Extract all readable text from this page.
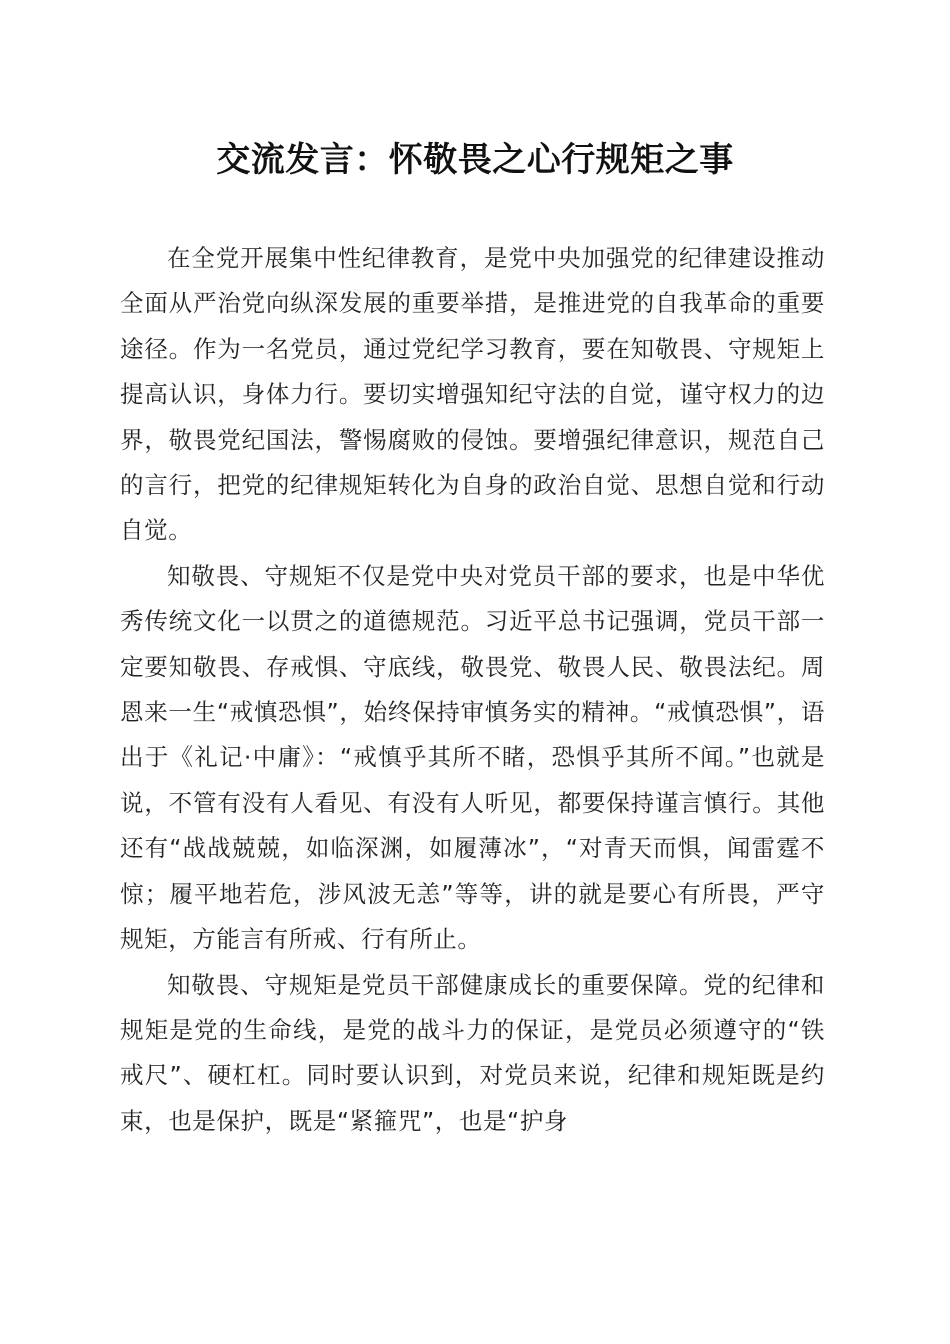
交流发言：怀敬畏之心行规矩之事

在全党开展集中性纪律教育，是党中央加强党的纪律建设推动全面从严治党向纵深发展的重要举措，是推进党的自我革命的重要途径。作为一名党员，通过党纪学习教育，要在知敬畏、守规矩上提高认识，身体力行。要切实增强知纪守法的自觉，谨守权力的边界，敬畏党纪国法，警惕腐败的侵蚀。要增强纪律意识，规范自己的言行，把党的纪律规矩转化为自身的政治自觉、思想自觉和行动自觉。

知敬畏、守规矩不仅是党中央对党员干部的要求，也是中华优秀传统文化一以贯之的道德规范。习近平总书记强调，党员干部一定要知敬畏、存戒惧、守底线，敬畏党、敬畏人民、敬畏法纪。周恩来一生“戒慎恐惧”，始终保持审慎务实的精神。“戒慎恐惧”，语出于《礼记·中庸》：“戒慎乎其所不睹，恐惧乎其所不闻。”也就是说，不管有没有人看见、有没有人听见，都要保持谨言慎行。其他还有“战战兢兢，如临深渊，如履薄冰”，“对青天而惧，闻雷霆不惊；履平地若危，涉风波无恙”等等，讲的就是要心有所畏，严守规矩，方能言有所戒、行有所止。

知敬畏、守规矩是党员干部健康成长的重要保障。党的纪律和规矩是党的生命线，是党的战斗力的保证，是党员必须遵守的“铁戒尺”、硬杠杠。同时要认识到，对党员来说，纪律和规矩既是约束，也是保护，既是“紧箍咒”，也是“护身
